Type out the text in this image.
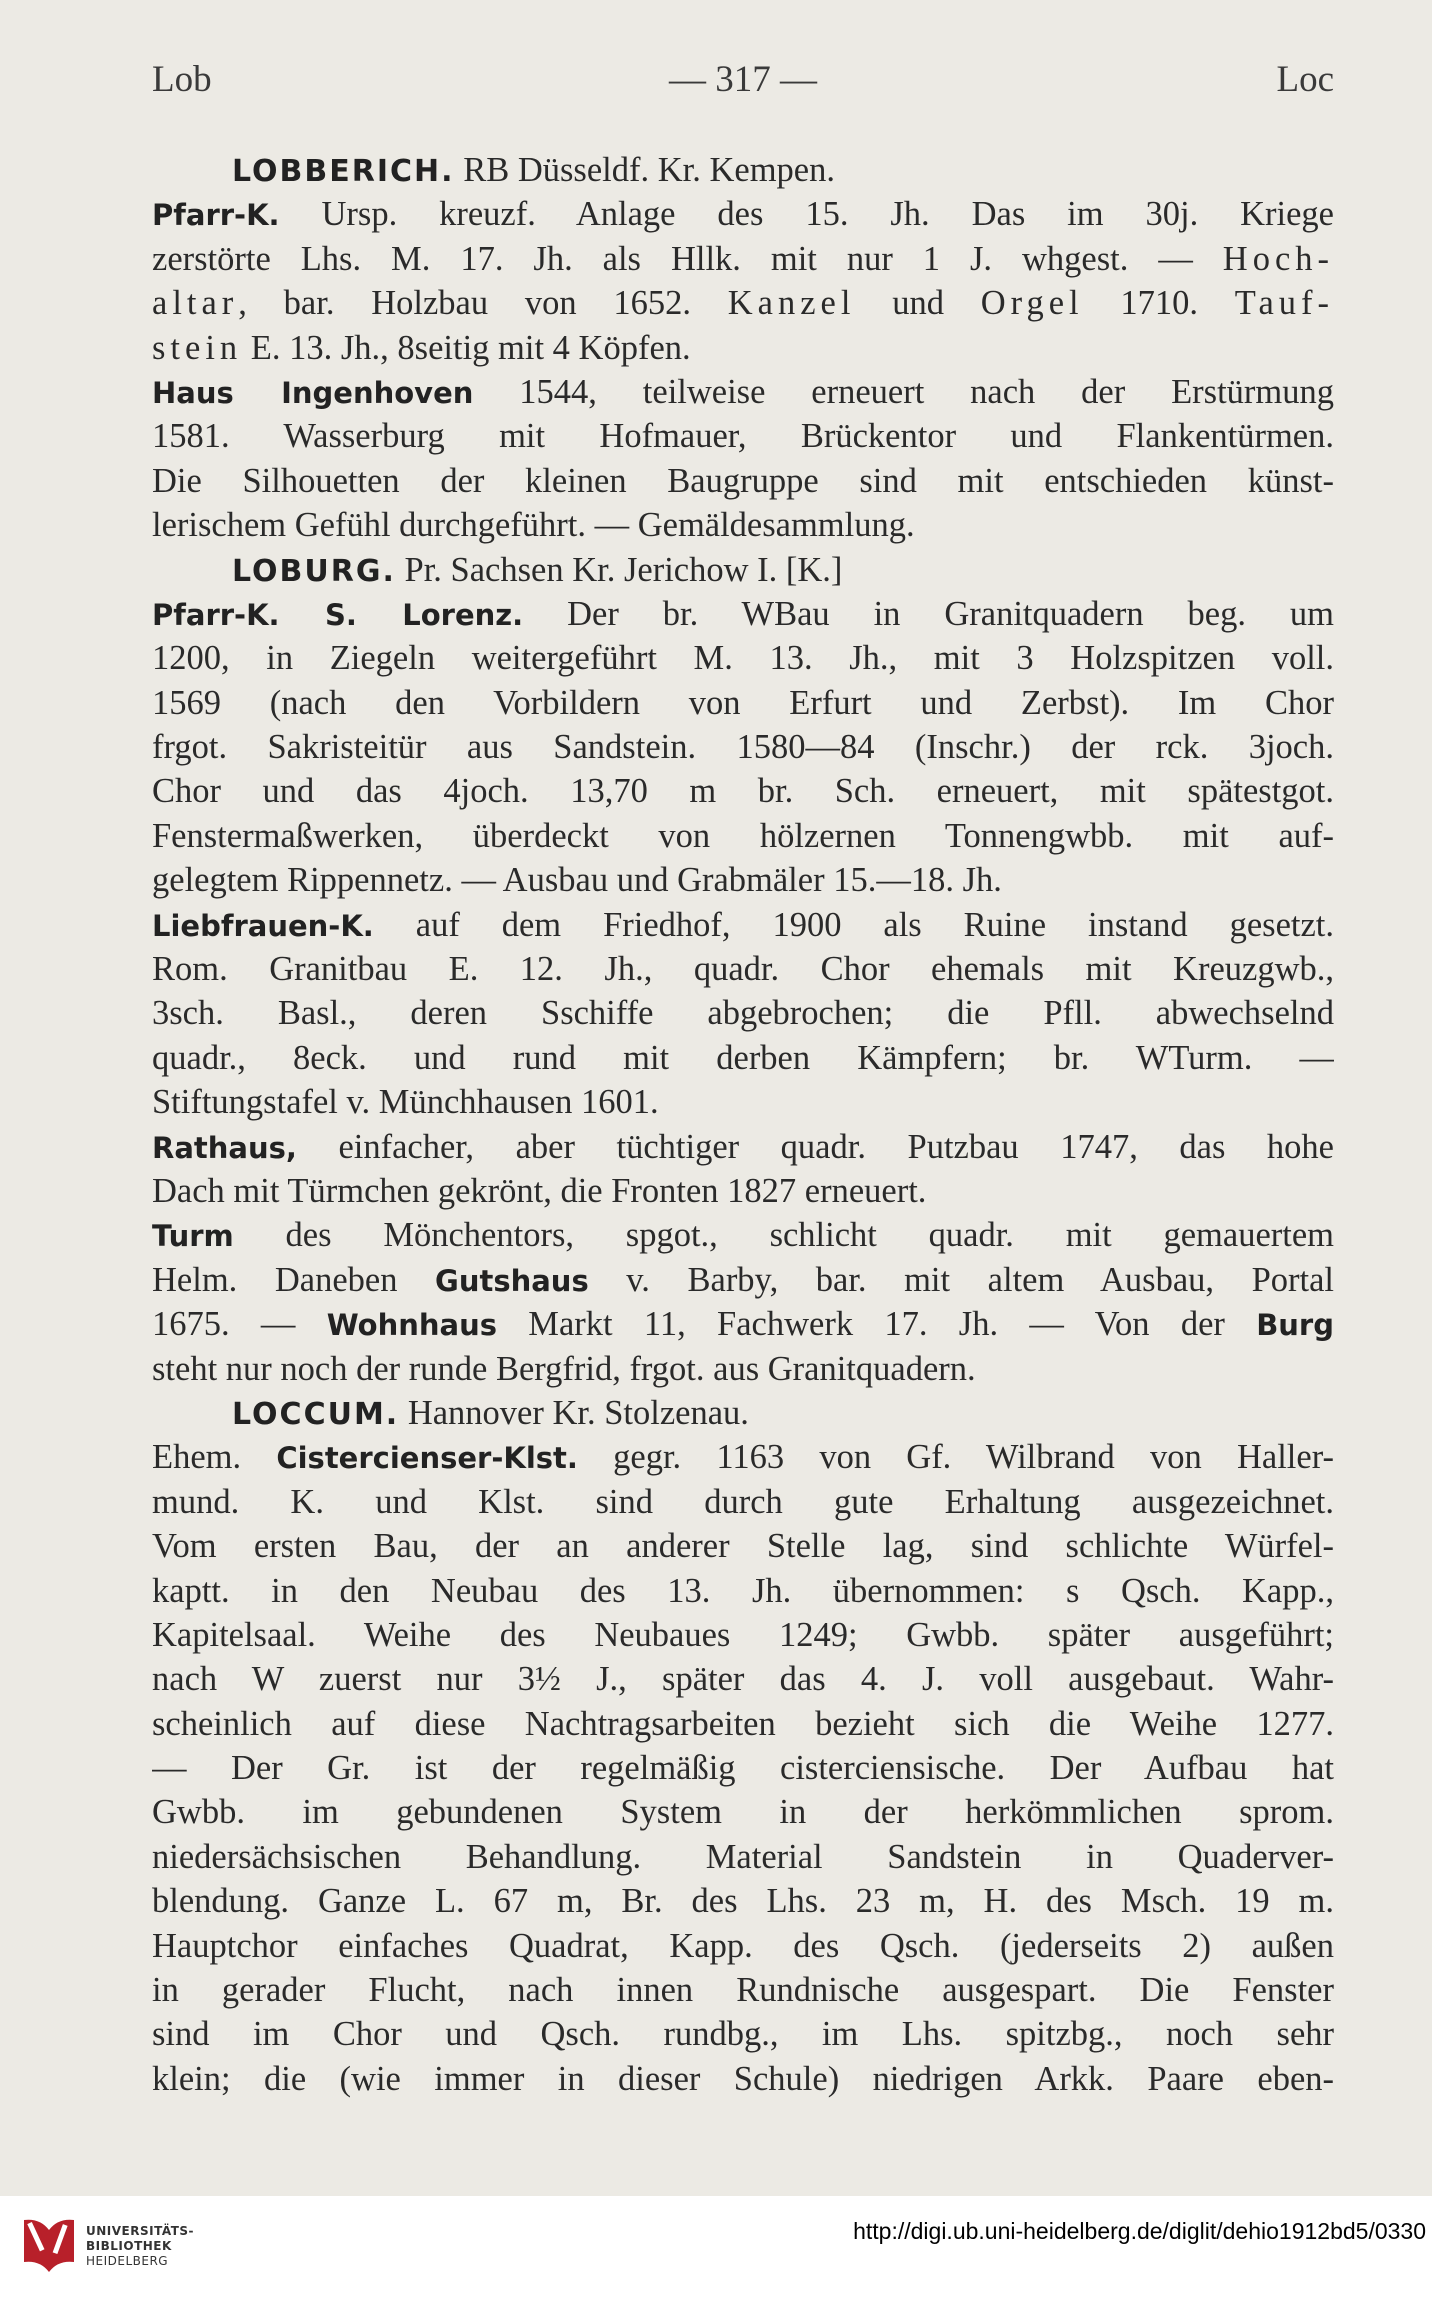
Lob	— 317 —	Loc
LOBBERICH. RB Düsseldf. Kr. Kempen.
Pfarr-K. Ursp. kreuzf. Anlage des 15. Jh. Das im 30j. Kriege
zerstörte Lhs. M. 17. Jh. als Hllk. mit nur 1 J. whgest. — Hoch-
altar, bar. Holzbau von 1652. Kanzel und Orgel 1710. Tauf-
stein E. 13. Jh., 8seitig mit 4 Köpfen.
Haus Ingenhoven 1544, teilweise erneuert nach der Erstürmung
1581. Wasserburg mit Hofmauer, Brückentor und Flankentürmen.
Die Silhouetten der kleinen Baugruppe sind mit entschieden künst-
lerischem Gefühl durchgeführt. — Gemäldesammlung.
LOBURG. Pr. Sachsen Kr. Jerichow I. [K.]
Pfarr-K. S. Lorenz. Der br. WBau in Granitquadern beg. um
1200, in Ziegeln weitergeführt M. 13. Jh., mit 3 Holzspitzen voll.
1569 (nach den Vorbildern von Erfurt und Zerbst). Im Chor
frgot. Sakristeitür aus Sandstein. 1580—84 (Inschr.) der rck. 3joch.
Chor und das 4joch. 13,70 m br. Sch. erneuert, mit spätestgot.
Fenstermaßwerken, überdeckt von hölzernen Tonnengwbb. mit auf-
gelegtem Rippennetz. — Ausbau und Grabmäler 15.—18. Jh.
Liebfrauen-K. auf dem Friedhof, 1900 als Ruine instand gesetzt.
Rom. Granitbau E. 12. Jh., quadr. Chor ehemals mit Kreuzgwb.,
3sch. Basl., deren Sschiffe abgebrochen; die Pfll. abwechselnd
quadr., 8eck. und rund mit derben Kämpfern; br. WTurm. —
Stiftungstafel v. Münchhausen 1601.
Rathaus, einfacher, aber tüchtiger quadr. Putzbau 1747, das hohe
Dach mit Türmchen gekrönt, die Fronten 1827 erneuert.
Turm des Mönchentors, spgot., schlicht quadr. mit gemauertem
Helm. Daneben Gutshaus v. Barby, bar. mit altem Ausbau, Portal
1675. — Wohnhaus Markt 11, Fachwerk 17. Jh. — Von der Burg
steht nur noch der runde Bergfrid, frgot. aus Granitquadern.
LOCCUM. Hannover Kr. Stolzenau.
Ehem. Cistercienser-Klst. gegr. 1163 von Gf. Wilbrand von Haller-
mund. K. und Klst. sind durch gute Erhaltung ausgezeichnet.
Vom ersten Bau, der an anderer Stelle lag, sind schlichte Würfel-
kaptt. in den Neubau des 13. Jh. übernommen: s Qsch. Kapp.,
Kapitelsaal. Weihe des Neubaues 1249; Gwbb. später ausgeführt;
nach W zuerst nur 3½ J., später das 4. J. voll ausgebaut. Wahr-
scheinlich auf diese Nachtragsarbeiten bezieht sich die Weihe 1277.
— Der Gr. ist der regelmäßig cisterciensische. Der Aufbau hat
Gwbb. im gebundenen System in der herkömmlichen sprom.
niedersächsischen Behandlung. Material Sandstein in Quaderver-
blendung. Ganze L. 67 m, Br. des Lhs. 23 m, H. des Msch. 19 m.
Hauptchor einfaches Quadrat, Kapp. des Qsch. (jederseits 2) außen
in gerader Flucht, nach innen Rundnische ausgespart. Die Fenster
sind im Chor und Qsch. rundbg., im Lhs. spitzbg., noch sehr
klein; die (wie immer in dieser Schule) niedrigen Arkk. Paare eben-
UNIVERSITÄTS-
BIBLIOTHEK
HEIDELBERG
http://digi.ub.uni-heidelberg.de/diglit/dehio1912bd5/0330
